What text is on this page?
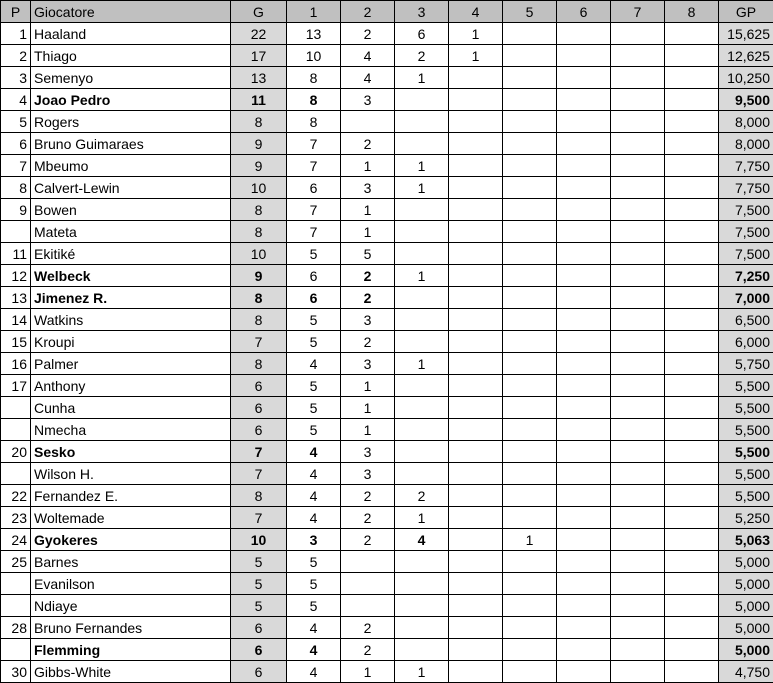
P	Giocatore	G	1	2	3	4	5	6	7	8	GP
1	Haaland	22	13	2	6	1					15,625
2	Thiago	17	10	4	2	1					12,625
3	Semenyo	13	8	4	1						10,250
4	Joao Pedro	11	8	3							9,500
5	Rogers	8	8								8,000
6	Bruno Guimaraes	9	7	2							8,000
7	Mbeumo	9	7	1	1						7,750
8	Calvert-Lewin	10	6	3	1						7,750
9	Bowen	8	7	1							7,500
	Mateta	8	7	1							7,500
11	Ekitiké	10	5	5							7,500
12	Welbeck	9	6	2	1						7,250
13	Jimenez R.	8	6	2							7,000
14	Watkins	8	5	3							6,500
15	Kroupi	7	5	2							6,000
16	Palmer	8	4	3	1						5,750
17	Anthony	6	5	1							5,500
	Cunha	6	5	1							5,500
	Nmecha	6	5	1							5,500
20	Sesko	7	4	3							5,500
	Wilson H.	7	4	3							5,500
22	Fernandez E.	8	4	2	2						5,500
23	Woltemade	7	4	2	1						5,250
24	Gyokeres	10	3	2	4		1				5,063
25	Barnes	5	5								5,000
	Evanilson	5	5								5,000
	Ndiaye	5	5								5,000
28	Bruno Fernandes	6	4	2							5,000
	Flemming	6	4	2							5,000
30	Gibbs-White	6	4	1	1						4,750
